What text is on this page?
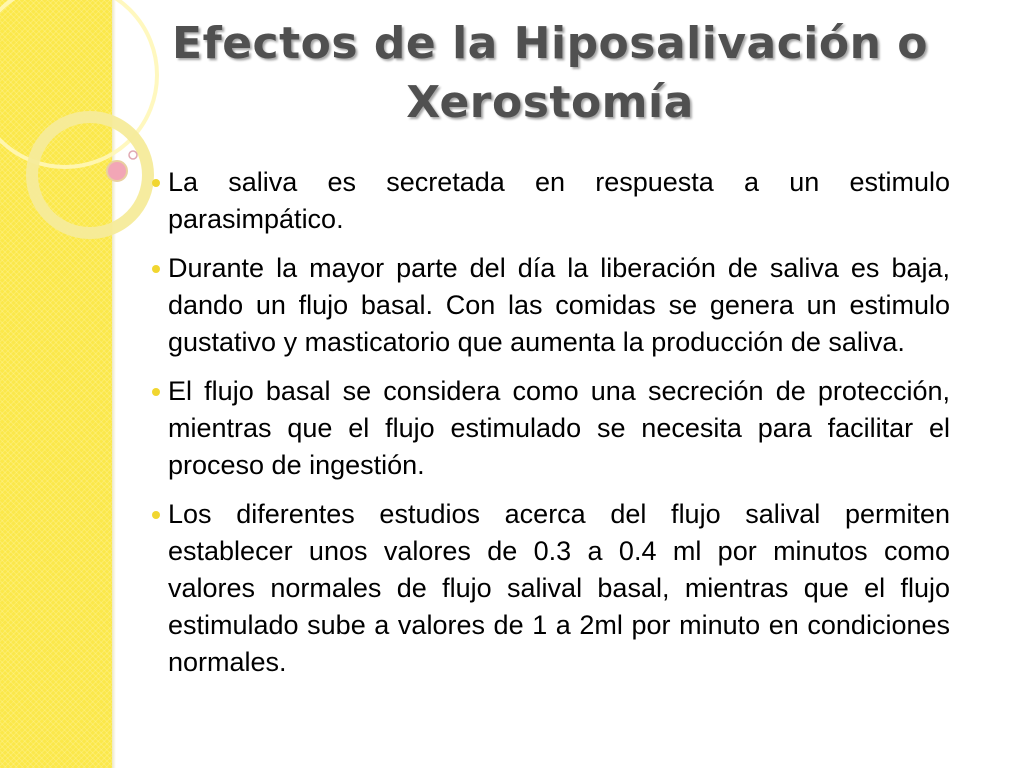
Efectos de la Hiposalivación o Xerostomía
La saliva es secretada en respuesta a un estimulo parasimpático.
Durante la mayor parte del día la liberación de saliva es baja, dando un flujo basal. Con las comidas se genera un estimulo gustativo y masticatorio que aumenta la producción de saliva.
El flujo basal se considera como una secreción de protección, mientras que el flujo estimulado se necesita para facilitar el proceso de ingestión.
Los diferentes estudios acerca del flujo salival permiten establecer unos valores de 0.3 a 0.4 ml por minutos como valores normales de flujo salival basal, mientras que el flujo estimulado sube a valores de 1 a 2ml por minuto en condiciones normales.
